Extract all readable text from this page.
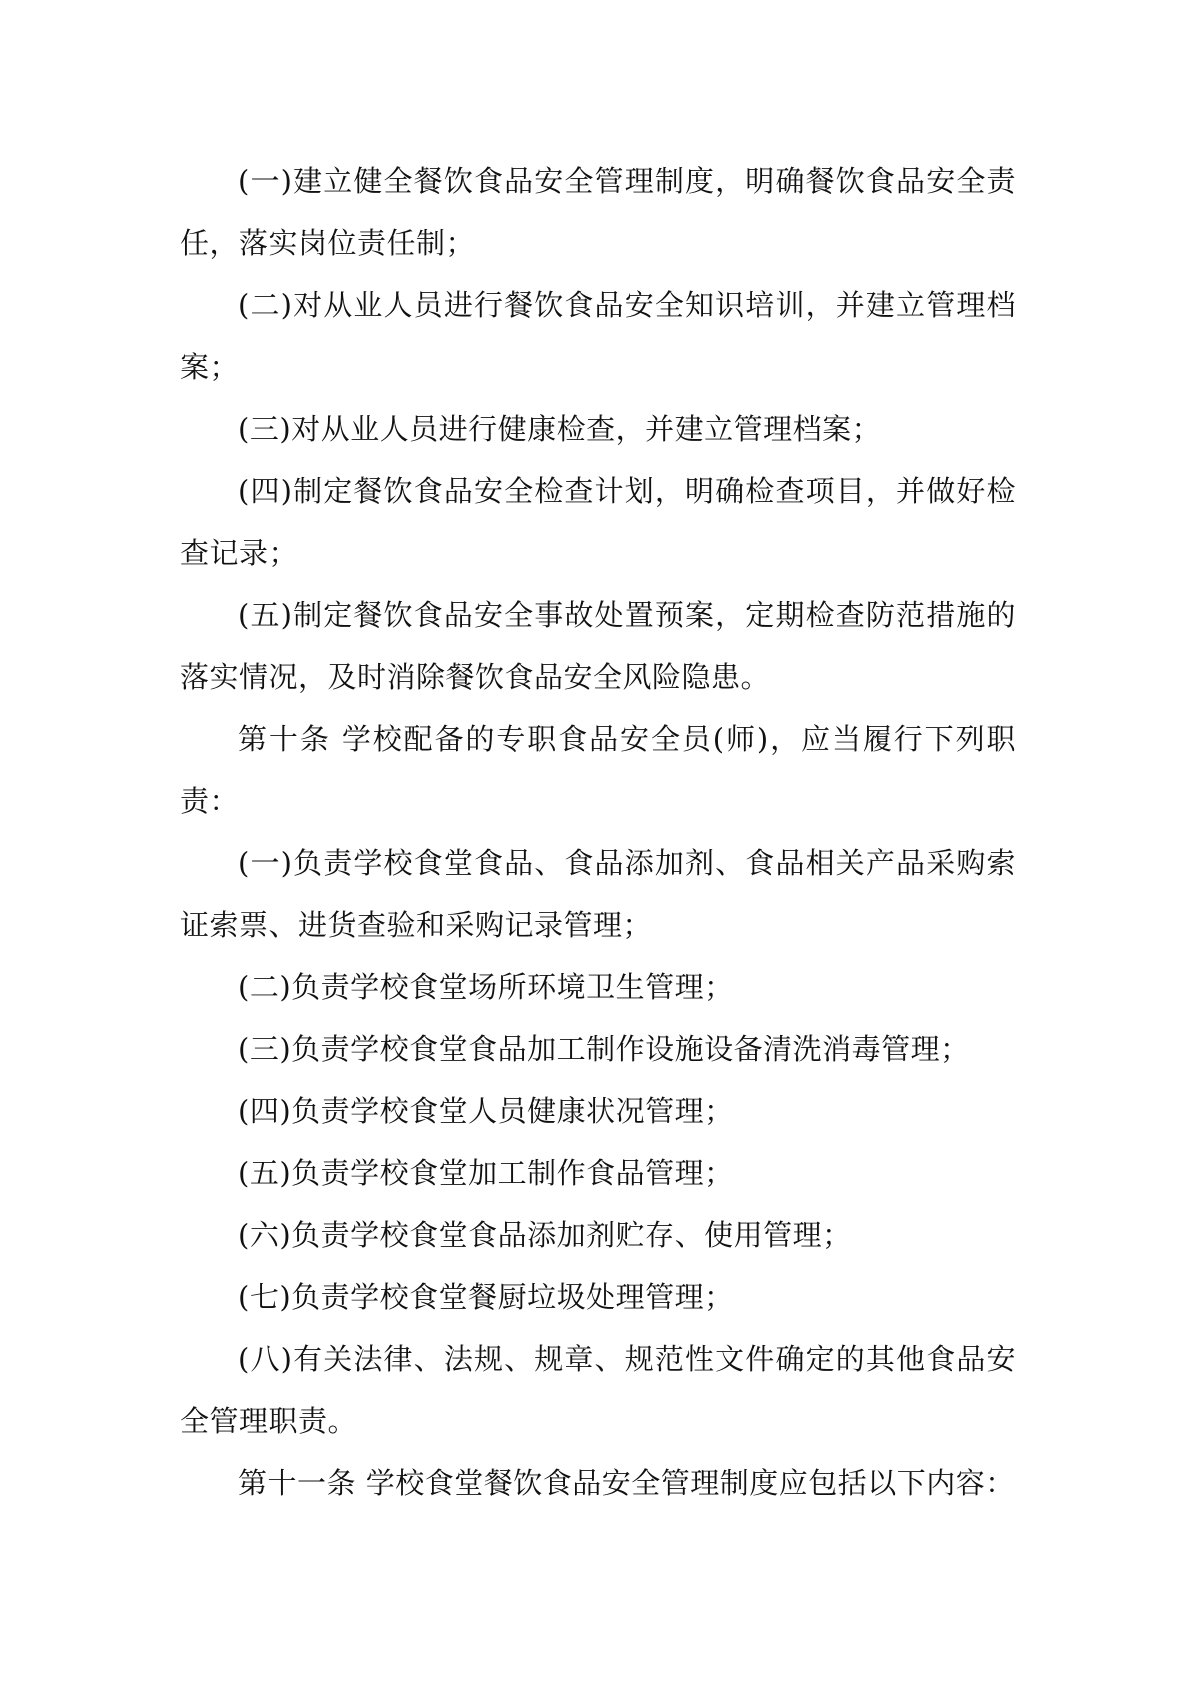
(一)建立健全餐饮食品安全管理制度，明确餐饮食品安全责任，落实岗位责任制；

(二)对从业人员进行餐饮食品安全知识培训，并建立管理档案；

(三)对从业人员进行健康检查，并建立管理档案；

(四)制定餐饮食品安全检查计划，明确检查项目，并做好检查记录；

(五)制定餐饮食品安全事故处置预案，定期检查防范措施的落实情况，及时消除餐饮食品安全风险隐患。

第十条 学校配备的专职食品安全员(师)，应当履行下列职责：

(一)负责学校食堂食品、食品添加剂、食品相关产品采购索证索票、进货查验和采购记录管理；

(二)负责学校食堂场所环境卫生管理；

(三)负责学校食堂食品加工制作设施设备清洗消毒管理；

(四)负责学校食堂人员健康状况管理；

(五)负责学校食堂加工制作食品管理；

(六)负责学校食堂食品添加剂贮存、使用管理；

(七)负责学校食堂餐厨垃圾处理管理；

(八)有关法律、法规、规章、规范性文件确定的其他食品安全管理职责。

第十一条 学校食堂餐饮食品安全管理制度应包括以下内容：
